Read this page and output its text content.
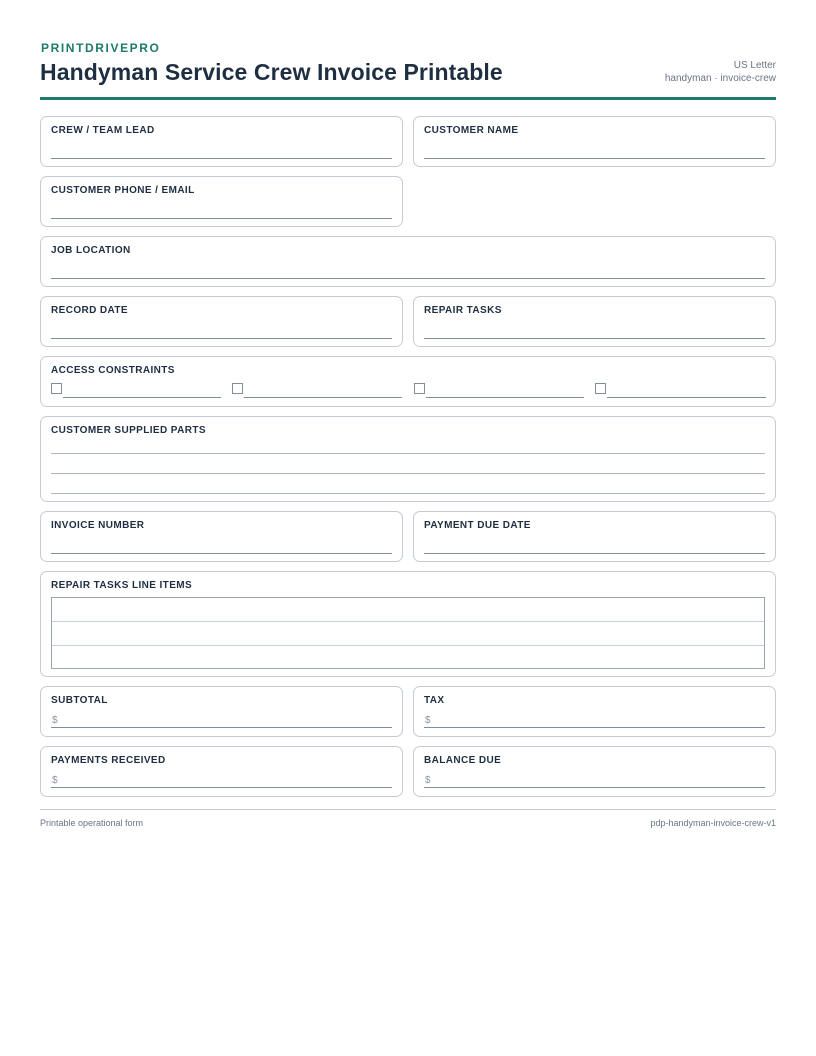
PRINTDRIVEPRO
Handyman Service Crew Invoice Printable	US Letter
handyman · invoice-crew
CREW / TEAM LEAD	CUSTOMER NAME
CUSTOMER PHONE / EMAIL
JOB LOCATION
RECORD DATE	REPAIR TASKS
ACCESS CONSTRAINTS
CUSTOMER SUPPLIED PARTS
INVOICE NUMBER	PAYMENT DUE DATE
REPAIR TASKS LINE ITEMS
SUBTOTAL
$
TAX
$
PAYMENTS RECEIVED
$
BALANCE DUE
$
Printable operational form	pdp-handyman-invoice-crew-v1
